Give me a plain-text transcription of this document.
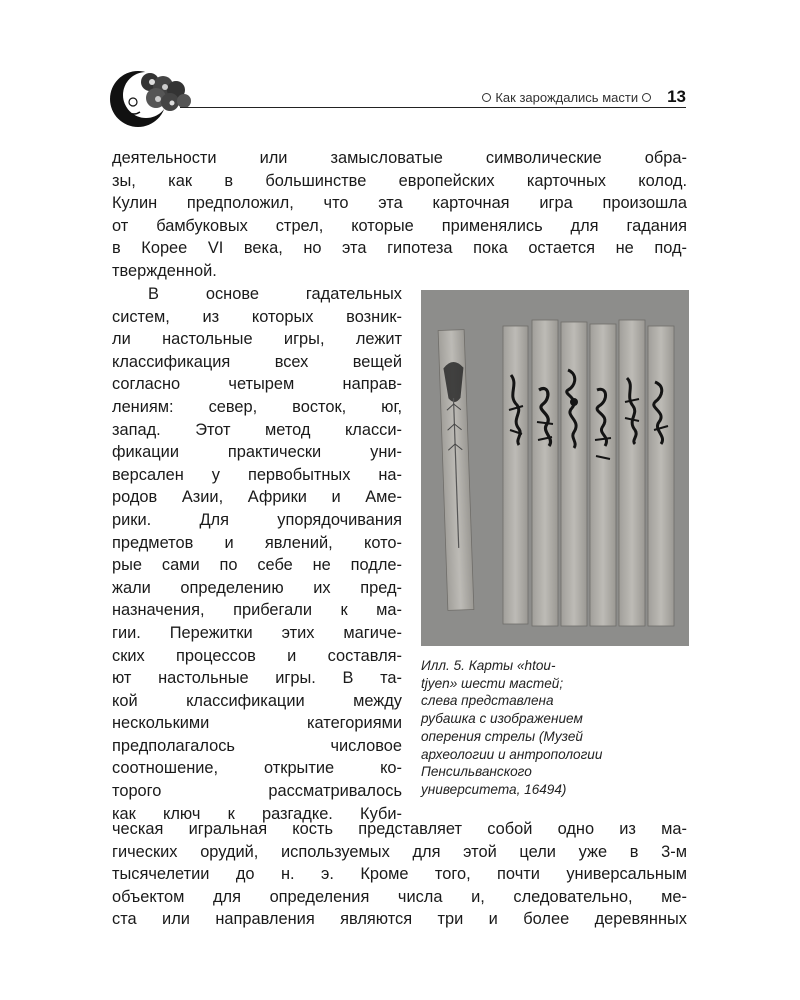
Как зарождались масти 13

деятельности или замысловатые символические обра-
зы, как в большинстве европейских карточных колод.
Кулин предположил, что эта карточная игра произошла
от бамбуковых стрел, которые применялись для гадания
в Корее VI века, но эта гипотеза пока остается не под-
твержденной.

В основе гадательных
систем, из которых возник-
ли настольные игры, лежит
классификация всех вещей
согласно четырем направ-
лениям: север, восток, юг,
запад. Этот метод класси-
фикации практически уни-
версален у первобытных на-
родов Азии, Африки и Аме-
рики. Для упорядочивания
предметов и явлений, кото-
рые сами по себе не подле-
жали определению их пред-
назначения, прибегали к ма-
гии. Пережитки этих магиче-
ских процессов и составля-
ют настольные игры. В та-
кой классификации между
несколькими категориями
предполагалось числовое
соотношение, открытие ко-
торого рассматривалось
как ключ к разгадке. Куби-

Илл. 5. Карты «htou-
tjyen» шести мастей;
слева представлена
рубашка с изображением
оперения стрелы (Музей
археологии и антропологии
Пенсильванского
университета, 16494)

ческая игральная кость представляет собой одно из ма-
гических орудий, используемых для этой цели уже в 3-м
тысячелетии до н. э. Кроме того, почти универсальным
объектом для определения числа и, следовательно, ме-
ста или направления являются три и более деревянных
